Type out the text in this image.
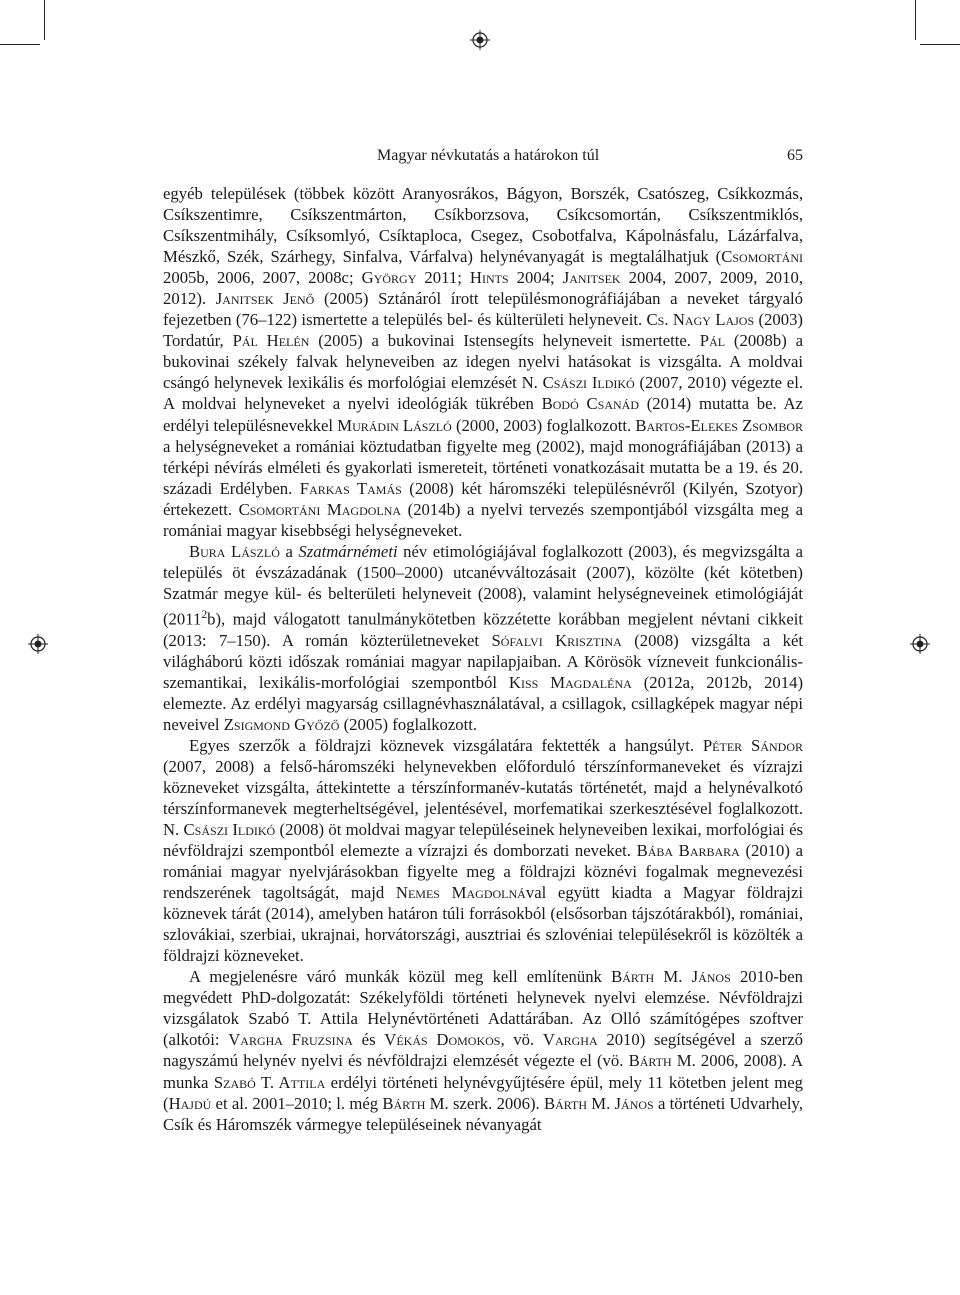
Magyar névkutatás a határokon túl	65

egyéb települések (többek között Aranyosrákos, Bágyon, Borszék, Csatószeg, Csíkkozmás, Csíkszentimre, Csíkszentmárton, Csíkborzsova, Csíkcsomortán, Csíkszentmiklós, Csíkszentmihály, Csíksomlyó, Csíktaploca, Csegez, Csobotfalva, Kápolnásfalu, Lázárfalva, Mészkő, Szék, Szárhegy, Sinfalva, Várfalva) helynévanyagát is megtalálhatjuk (Csomortáni 2005b, 2006, 2007, 2008c; György 2011; Hints 2004; Janitsek 2004, 2007, 2009, 2010, 2012). Janitsek Jenő (2005) Sztánáról írott településmonográfiájában a neveket tárgyaló fejezetben (76–122) ismertette a település bel- és külterületi helyneveit. Cs. Nagy Lajos (2003) Tordatúr, Pál Helén (2005) a bukovinai Istensegíts helyneveit ismertette. Pál (2008b) a bukovinai székely falvak helyneveiben az idegen nyelvi hatásokat is vizsgálta. A moldvai csángó helynevek lexikális és morfológiai elemzését N. Császi Ildikó (2007, 2010) végezte el. A moldvai helyneveket a nyelvi ideológiák tükrében Bodó Csanád (2014) mutatta be. Az erdélyi településnevekkel Murádin László (2000, 2003) foglalkozott. Bartos-Elekes Zsombor a helységneveket a romániai köztudatban figyelte meg (2002), majd monográfiájában (2013) a térképi névírás elméleti és gyakorlati ismereteit, történeti vonatkozásait mutatta be a 19. és 20. századi Erdélyben. Farkas Tamás (2008) két háromszéki településnévről (Kilyén, Szotyor) értekezett. Csomortáni Magdolna (2014b) a nyelvi tervezés szempontjából vizsgálta meg a romániai magyar kisebbségi helységneveket.

Bura László a Szatmárnémeti név etimológiájával foglalkozott (2003), és megvizsgálta a település öt évszázadának (1500–2000) utcanévváltozásait (2007), közölte (két kötetben) Szatmár megye kül- és belterületi helyneveit (2008), valamint helységneveinek etimológiáját (2011$^2$b), majd válogatott tanulmánykötetben közzétette korábban megjelent névtani cikkeit (2013: 7–150). A román közterületneveket Sófalvi Krisztina (2008) vizsgálta a két világháború közti időszak romániai magyar napilapjaiban. A Körösök vízneveit funkcionális-szemantikai, lexikális-morfológiai szempontból Kiss Magdaléna (2012a, 2012b, 2014) elemezte. Az erdélyi magyarság csillagnévhasználatával, a csillagok, csillagképek magyar népi neveivel Zsigmond Győző (2005) foglalkozott.

Egyes szerzők a földrajzi köznevek vizsgálatára fektették a hangsúlyt. Péter Sándor (2007, 2008) a felső-háromszéki helynevekben előforduló térszínformaneveket és vízrajzi közneveket vizsgálta, áttekintette a térszínformanév-kutatás történetét, majd a helynévalkotó térszínformanevek megterheltségével, jelentésével, morfematikai szerkesztésével foglalkozott. N. Császi Ildikó (2008) öt moldvai magyar településeinek helyneveiben lexikai, morfológiai és névföldrajzi szempontból elemezte a vízrajzi és domborzati neveket. Bába Barbara (2010) a romániai magyar nyelvjárásokban figyelte meg a földrajzi köznévi fogalmak megnevezési rendszerének tagoltságát, majd Nemes Magdolnával együtt kiadta a Magyar földrajzi köznevek tárát (2014), amelyben határon túli forrásokból (elsősorban tájszótárakból), romániai, szlovákiai, szerbiai, ukrajnai, horvátországi, ausztriai és szlovéniai településekről is közölték a földrajzi közneveket.

A megjelenésre váró munkák közül meg kell említenünk Bárth M. János 2010-ben megvédett PhD-dolgozatát: Székelyföldi történeti helynevek nyelvi elemzése. Névföldrajzi vizsgálatok Szabó T. Attila Helynévtörténeti Adattárában. Az Olló számítógépes szoftver (alkotói: Vargha Fruzsina és Vékás Domokos, vö. Vargha 2010) segítségével a szerző nagyszámú helynév nyelvi és névföldrajzi elemzését végezte el (vö. Bárth M. 2006, 2008). A munka Szabó T. Attila erdélyi történeti helynévgyűjtésére épül, mely 11 kötetben jelent meg (Hajdú et al. 2001–2010; l. még Bárth M. szerk. 2006). Bárth M. János a történeti Udvarhely, Csík és Háromszék vármegye településeinek névanyagát
